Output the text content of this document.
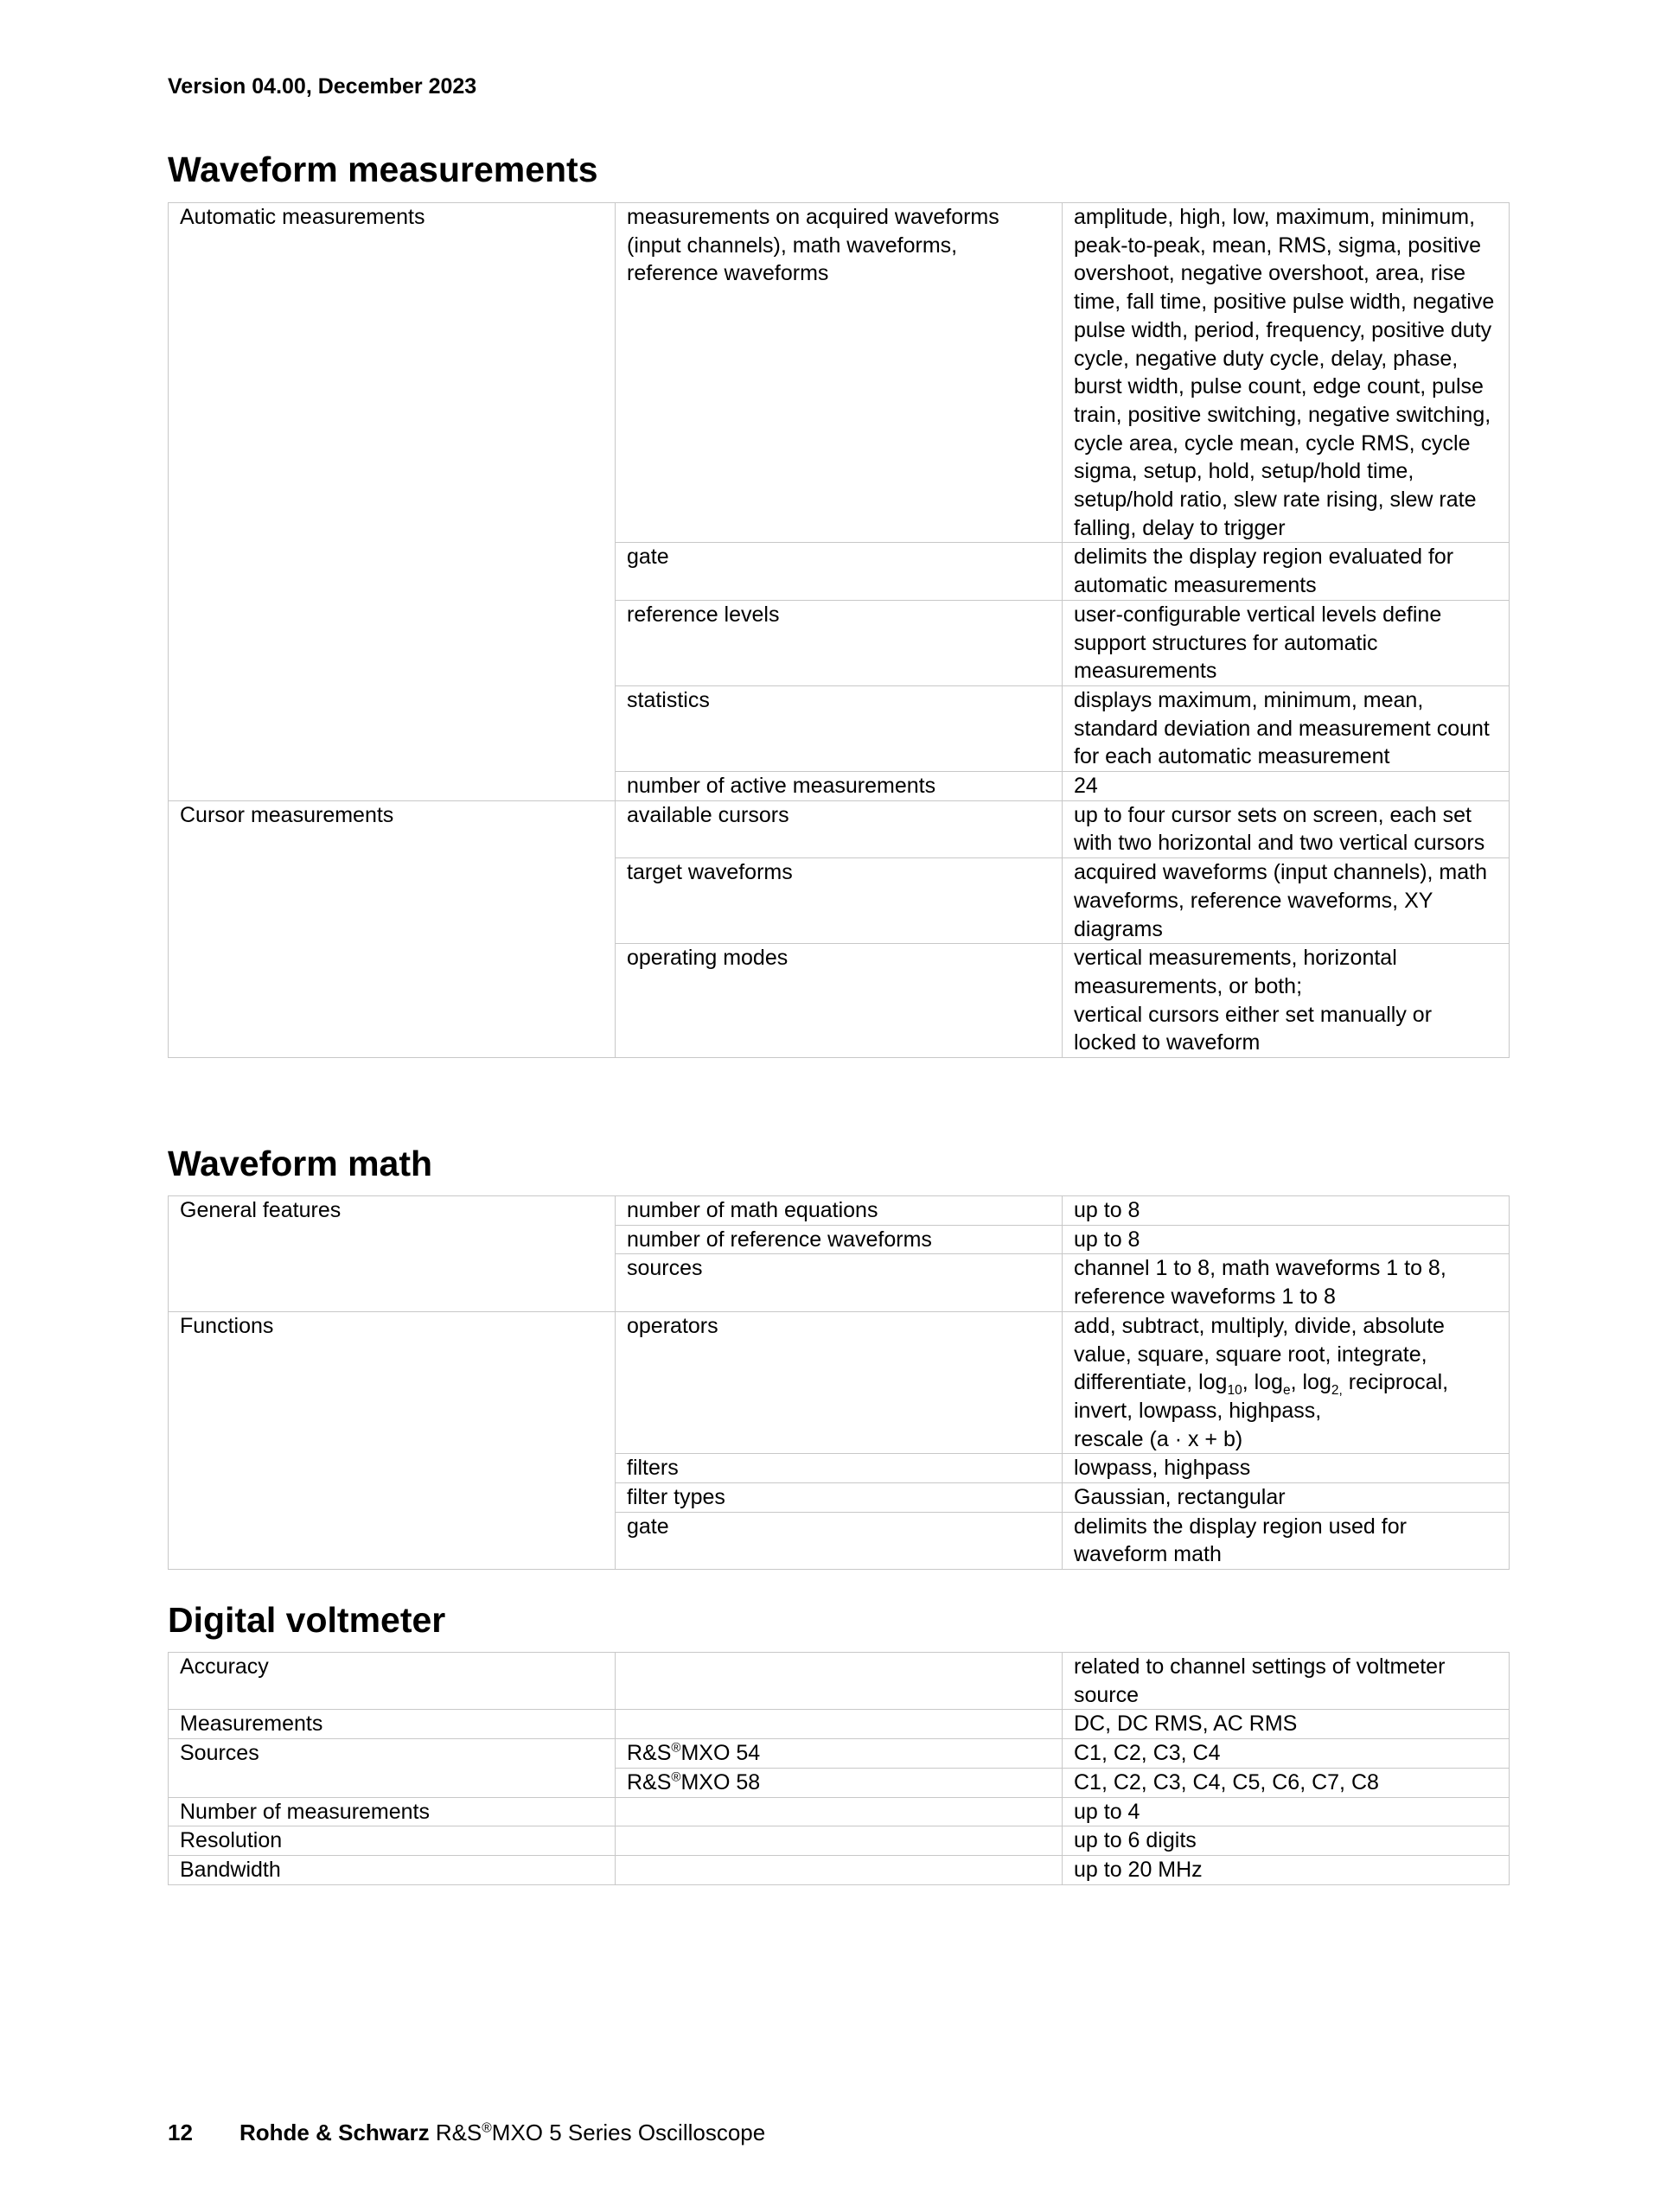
Version 04.00, December 2023
Waveform measurements
Automatic measurements	measurements on acquired waveforms (input channels), math waveforms, reference waveforms	amplitude, high, low, maximum, minimum, peak-to-peak, mean, RMS, sigma, positive overshoot, negative overshoot, area, rise time, fall time, positive pulse width, negative pulse width, period, frequency, positive duty cycle, negative duty cycle, delay, phase, burst width, pulse count, edge count, pulse train, positive switching, negative switching, cycle area, cycle mean, cycle RMS, cycle sigma, setup, hold, setup/hold time, setup/hold ratio, slew rate rising, slew rate falling, delay to trigger
	gate	delimits the display region evaluated for automatic measurements
	reference levels	user-configurable vertical levels define support structures for automatic measurements
	statistics	displays maximum, minimum, mean, standard deviation and measurement count for each automatic measurement
	number of active measurements	24
Cursor measurements	available cursors	up to four cursor sets on screen, each set with two horizontal and two vertical cursors
	target waveforms	acquired waveforms (input channels), math waveforms, reference waveforms, XY diagrams
	operating modes	vertical measurements, horizontal measurements, or both;
vertical cursors either set manually or locked to waveform
Waveform math
General features	number of math equations	up to 8
	number of reference waveforms	up to 8
	sources	channel 1 to 8, math waveforms 1 to 8, reference waveforms 1 to 8
Functions	operators	add, subtract, multiply, divide, absolute value, square, square root, integrate, differentiate, $\log_{10}$, $\log_e$, $\log_{2,}$ reciprocal, invert, lowpass, highpass,
rescale (a · x + b)
	filters	lowpass, highpass
	filter types	Gaussian, rectangular
	gate	delimits the display region used for waveform math
Digital voltmeter
Accuracy		related to channel settings of voltmeter source
Measurements		DC, DC RMS, AC RMS
Sources	R&S®MXO 54	C1, C2, C3, C4
	R&S®MXO 58	C1, C2, C3, C4, C5, C6, C7, C8
Number of measurements		up to 4
Resolution		up to 6 digits
Bandwidth		up to 20 MHz
12 Rohde & Schwarz R&S®MXO 5 Series Oscilloscope
